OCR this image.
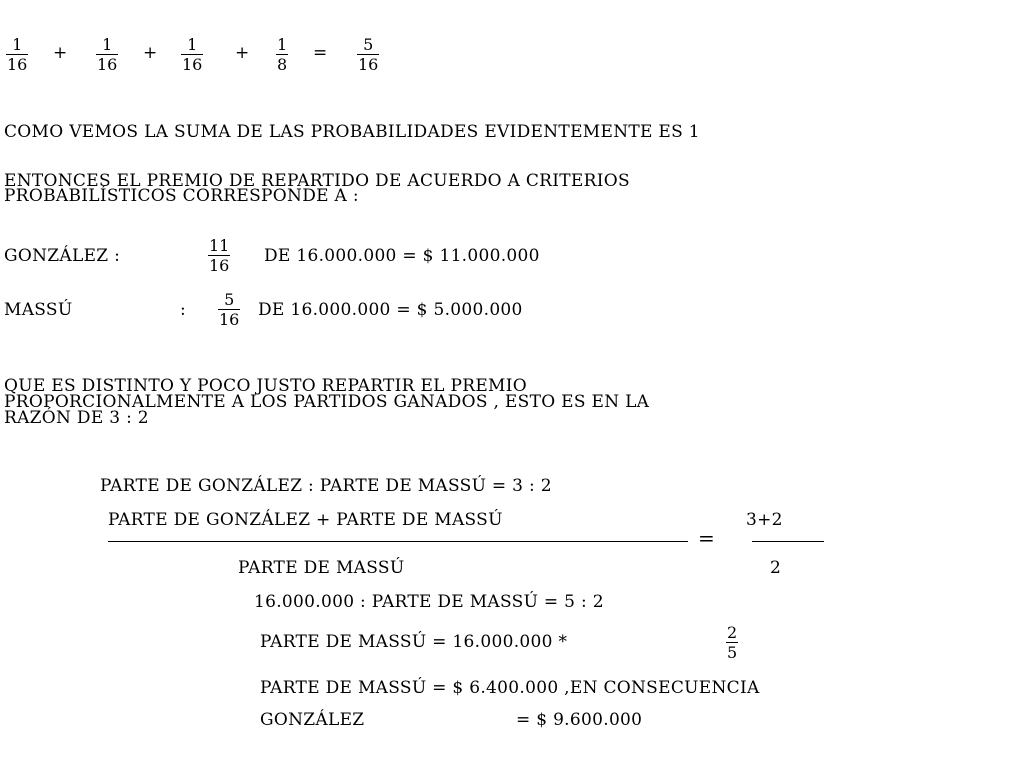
1
16
+ 1
16
+ 1
16
+ 1
8
= 5
16
COMO VEMOS LA SUMA DE LAS PROBABILIDADES EVIDENTEMENTE ES 1
ENTONCES EL PREMIO DE REPARTIDO DE ACUERDO A CRITERIOS
PROBABILÍSTICOS CORRESPONDE A :
GONZÁLEZ :
11
16 DE 16.000.000 = $ 11.000.000
MASSÚ	:
5
16 DE 16.000.000 = $ 5.000.000
QUE ES DISTINTO Y POCO JUSTO REPARTIR EL PREMIO
PROPORCIONALMENTE A LOS PARTIDOS GANADOS , ESTO ES EN LA
RAZÓN DE 3 : 2
PARTE DE GONZÁLEZ : PARTE DE MASSÚ = 3 : 2
PARTE DE GONZÁLEZ + PARTE DE MASSÚ
PARTE DE MASSÚ
=
3+2
2
16.000.000 : PARTE DE MASSÚ = 5 : 2
PARTE DE MASSÚ = 16.000.000 *	2
5
PARTE DE MASSÚ = $ 6.400.000 ,EN CONSECUENCIA
GONZÁLEZ	= $ 9.600.000
